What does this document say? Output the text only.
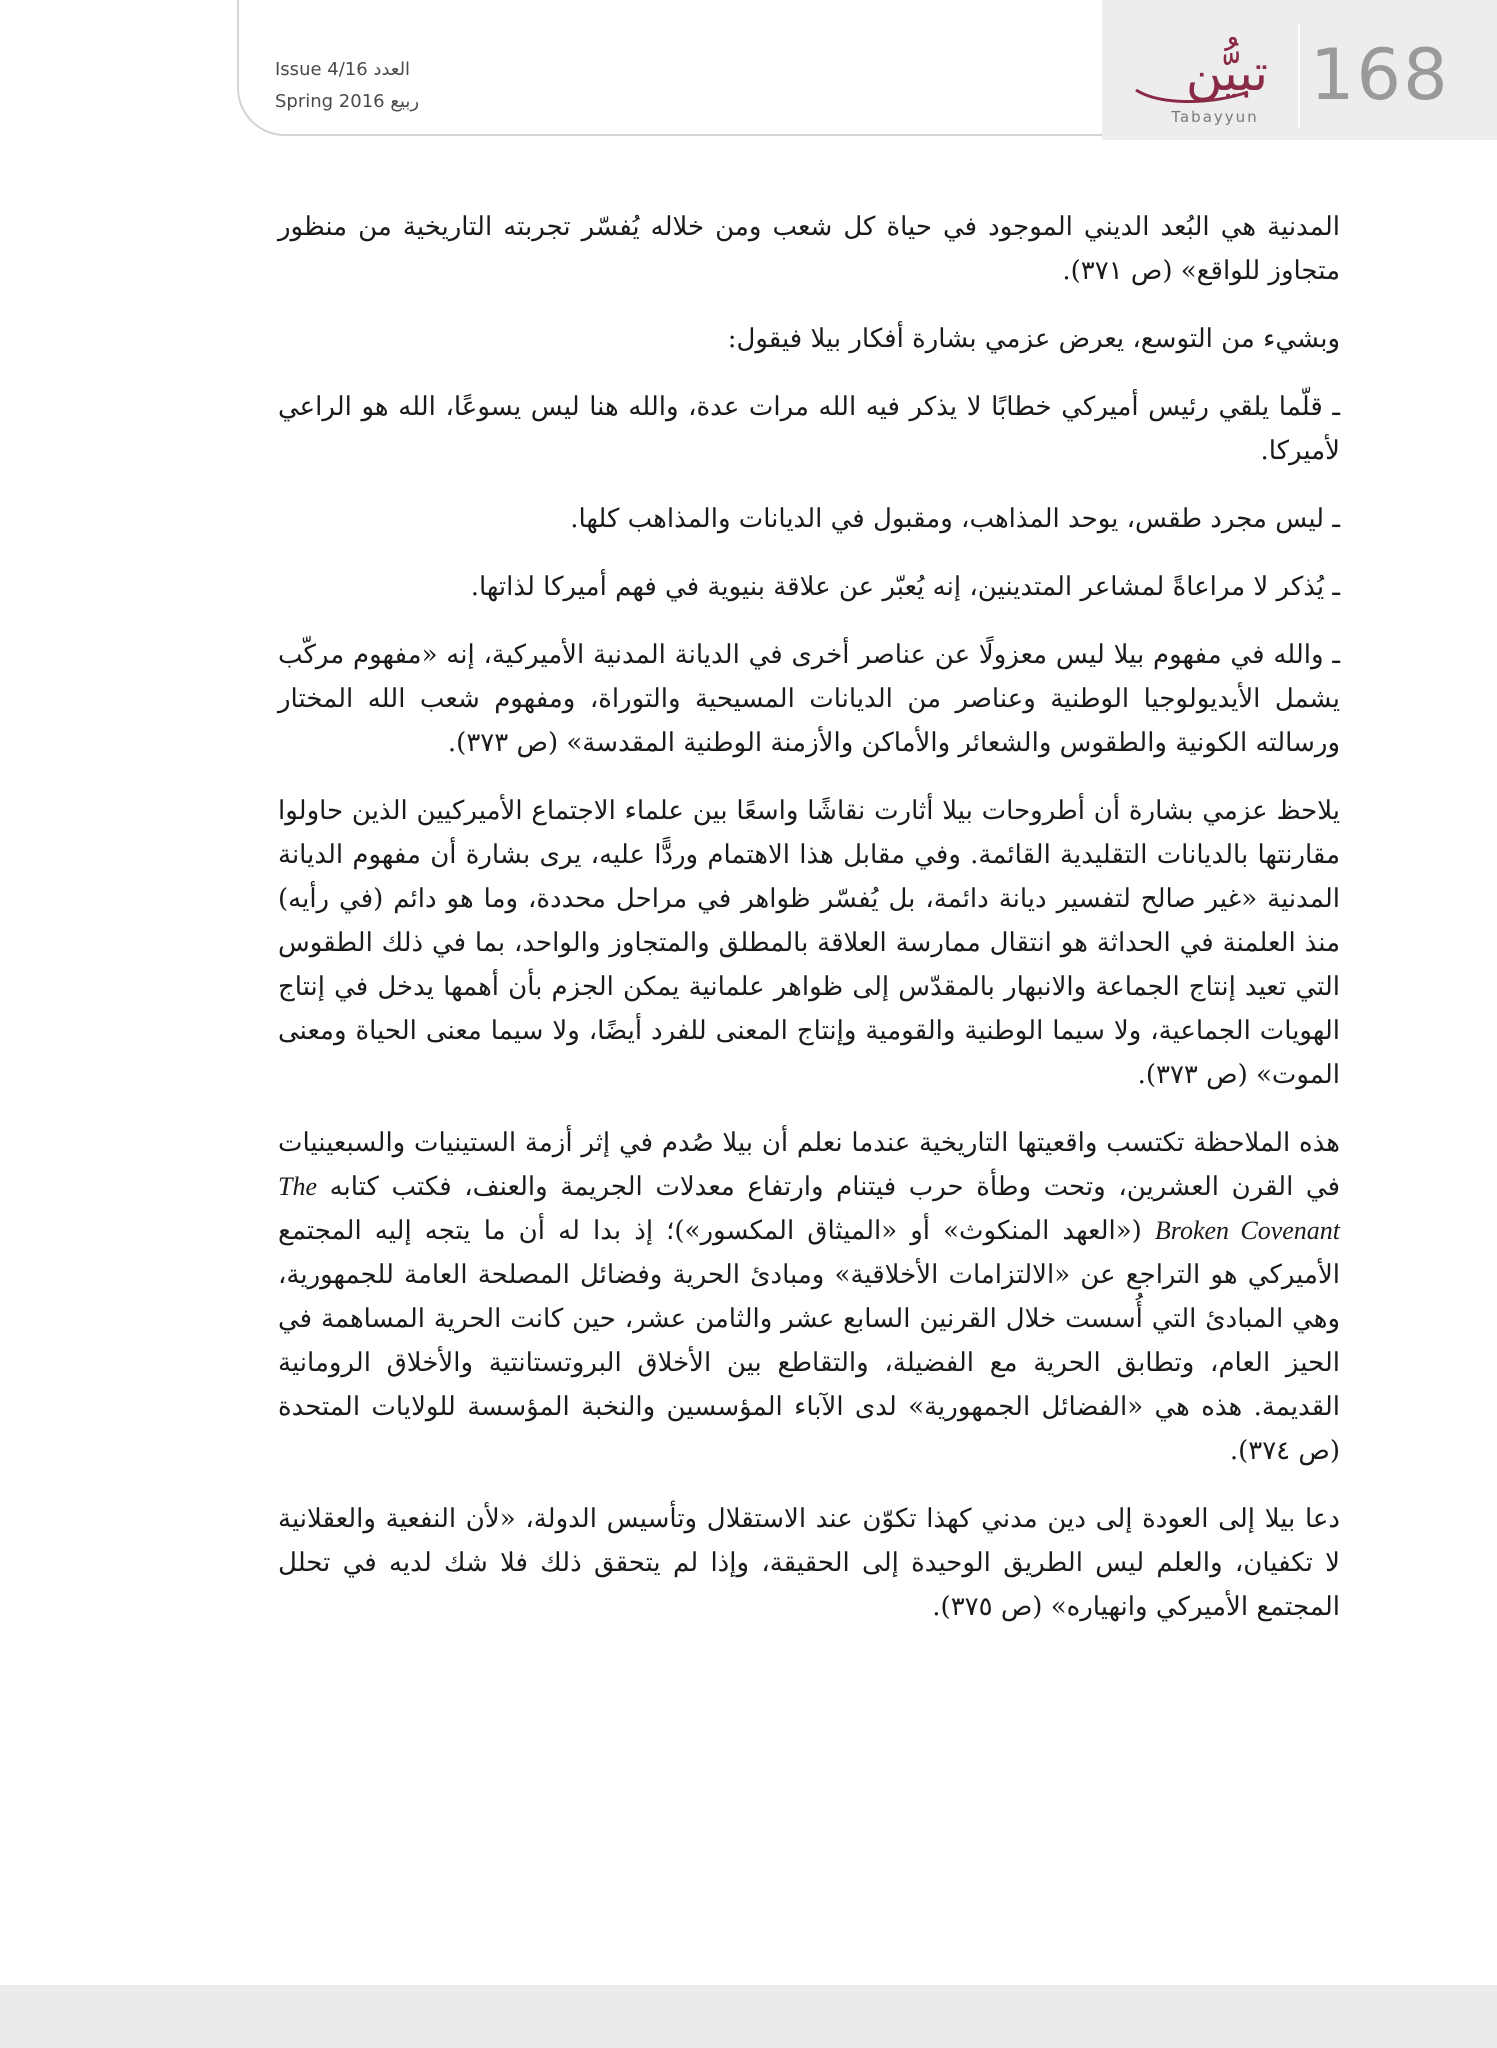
Issue 4/16 العدد
Spring 2016 ربيع	تبيُّن
Tabayyun
168

المدنية هي البُعد الديني الموجود في حياة كل شعب ومن خلاله يُفسّر تجربته التاريخية من منظور متجاوز للواقع» (ص ٣٧١).

وبشيء من التوسع، يعرض عزمي بشارة أفكار بيلا فيقول:

ـ قلّما يلقي رئيس أميركي خطابًا لا يذكر فيه الله مرات عدة، والله هنا ليس يسوعًا، الله هو الراعي لأميركا.

ـ ليس مجرد طقس، يوحد المذاهب، ومقبول في الديانات والمذاهب كلها.

ـ يُذكر لا مراعاةً لمشاعر المتدينين، إنه يُعبّر عن علاقة بنيوية في فهم أميركا لذاتها.

ـ والله في مفهوم بيلا ليس معزولًا عن عناصر أخرى في الديانة المدنية الأميركية، إنه «مفهوم مركّب يشمل الأيديولوجيا الوطنية وعناصر من الديانات المسيحية والتوراة، ومفهوم شعب الله المختار ورسالته الكونية والطقوس والشعائر والأماكن والأزمنة الوطنية المقدسة» (ص ٣٧٣).

يلاحظ عزمي بشارة أن أطروحات بيلا أثارت نقاشًا واسعًا بين علماء الاجتماع الأميركيين الذين حاولوا مقارنتها بالديانات التقليدية القائمة. وفي مقابل هذا الاهتمام وردًّا عليه، يرى بشارة أن مفهوم الديانة المدنية «غير صالح لتفسير ديانة دائمة، بل يُفسّر ظواهر في مراحل محددة، وما هو دائم (في رأيه) منذ العلمنة في الحداثة هو انتقال ممارسة العلاقة بالمطلق والمتجاوز والواحد، بما في ذلك الطقوس التي تعيد إنتاج الجماعة والانبهار بالمقدّس إلى ظواهر علمانية يمكن الجزم بأن أهمها يدخل في إنتاج الهويات الجماعية، ولا سيما الوطنية والقومية وإنتاج المعنى للفرد أيضًا، ولا سيما معنى الحياة ومعنى الموت» (ص ٣٧٣).

هذه الملاحظة تكتسب واقعيتها التاريخية عندما نعلم أن بيلا صُدم في إثر أزمة الستينيات والسبعينيات في القرن العشرين، وتحت وطأة حرب فيتنام وارتفاع معدلات الجريمة والعنف، فكتب كتابه The Broken Covenant («العهد المنكوث» أو «الميثاق المكسور»)؛ إذ بدا له أن ما يتجه إليه المجتمع الأميركي هو التراجع عن «الالتزامات الأخلاقية» ومبادئ الحرية وفضائل المصلحة العامة للجمهورية، وهي المبادئ التي أُسست خلال القرنين السابع عشر والثامن عشر، حين كانت الحرية المساهمة في الحيز العام، وتطابق الحرية مع الفضيلة، والتقاطع بين الأخلاق البروتستانتية والأخلاق الرومانية القديمة. هذه هي «الفضائل الجمهورية» لدى الآباء المؤسسين والنخبة المؤسسة للولايات المتحدة (ص ٣٧٤).

دعا بيلا إلى العودة إلى دين مدني كهذا تكوّن عند الاستقلال وتأسيس الدولة، «لأن النفعية والعقلانية لا تكفيان، والعلم ليس الطريق الوحيدة إلى الحقيقة، وإذا لم يتحقق ذلك فلا شك لديه في تحلل المجتمع الأميركي وانهياره» (ص ٣٧٥).
